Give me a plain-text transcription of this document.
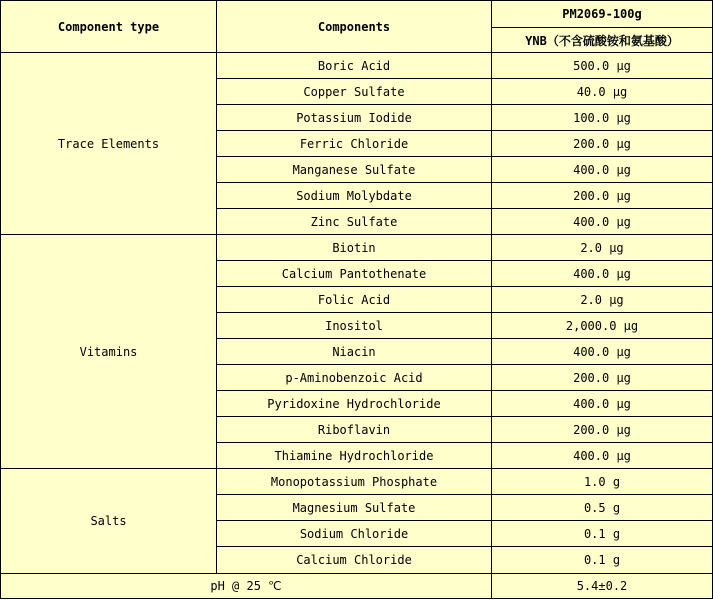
Component type	Components	PM2069-100g
		YNB（不含硫酸铵和氨基酸）
Trace Elements	Boric Acid	500.0 μg
	Copper Sulfate	40.0 μg
	Potassium Iodide	100.0 μg
	Ferric Chloride	200.0 μg
	Manganese Sulfate	400.0 μg
	Sodium Molybdate	200.0 μg
	Zinc Sulfate	400.0 μg
Vitamins	Biotin	2.0 μg
	Calcium Pantothenate	400.0 μg
	Folic Acid	2.0 μg
	Inositol	2,000.0 μg
	Niacin	400.0 μg
	p-Aminobenzoic Acid	200.0 μg
	Pyridoxine Hydrochloride	400.0 μg
	Riboflavin	200.0 μg
	Thiamine Hydrochloride	400.0 μg
Salts	Monopotassium Phosphate	1.0 g
	Magnesium Sulfate	0.5 g
	Sodium Chloride	0.1 g
	Calcium Chloride	0.1 g
pH @ 25 ℃		5.4±0.2
